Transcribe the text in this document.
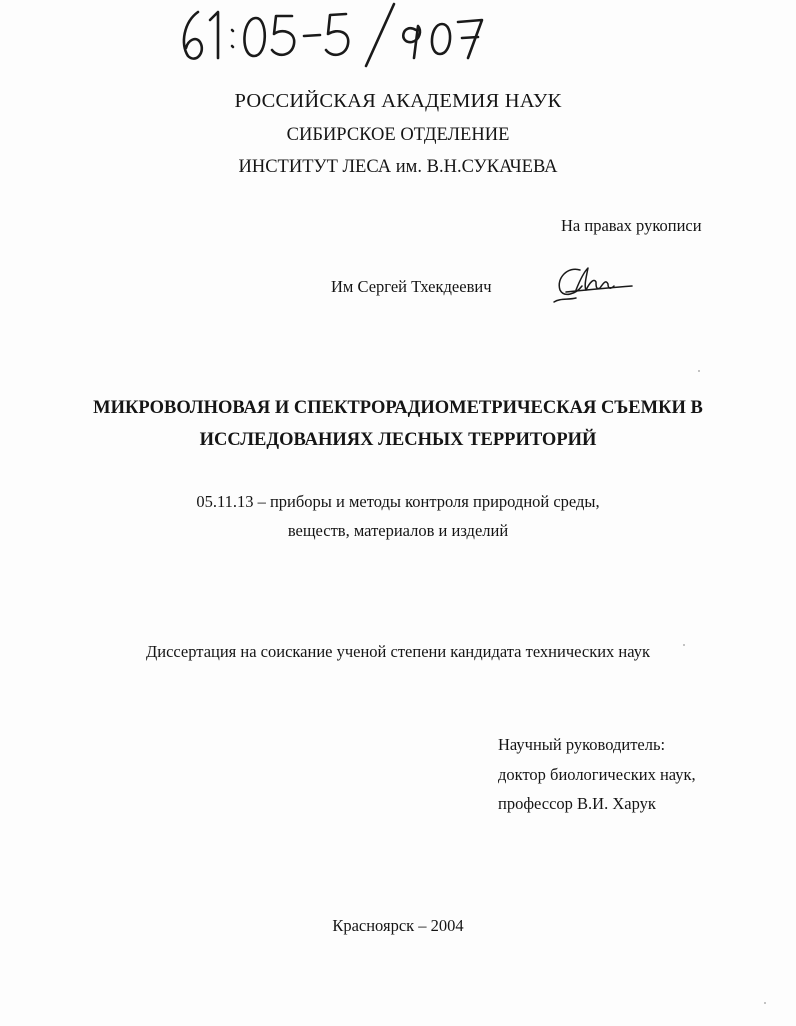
РОССИЙСКАЯ АКАДЕМИЯ НАУК
СИБИРСКОЕ ОТДЕЛЕНИЕ
ИНСТИТУТ ЛЕСА им. В.Н.СУКАЧЕВА
На правах рукописи
Им Сергей Тхекдеевич
МИКРОВОЛНОВАЯ И СПЕКТРОРАДИОМЕТРИЧЕСКАЯ СЪЕМКИ В
ИССЛЕДОВАНИЯХ ЛЕСНЫХ ТЕРРИТОРИЙ
05.11.13 – приборы и методы контроля природной среды,
веществ, материалов и изделий
Диссертация на соискание ученой степени кандидата технических наук
Научный руководитель:
доктор биологических наук,
профессор В.И. Харук
Красноярск – 2004
